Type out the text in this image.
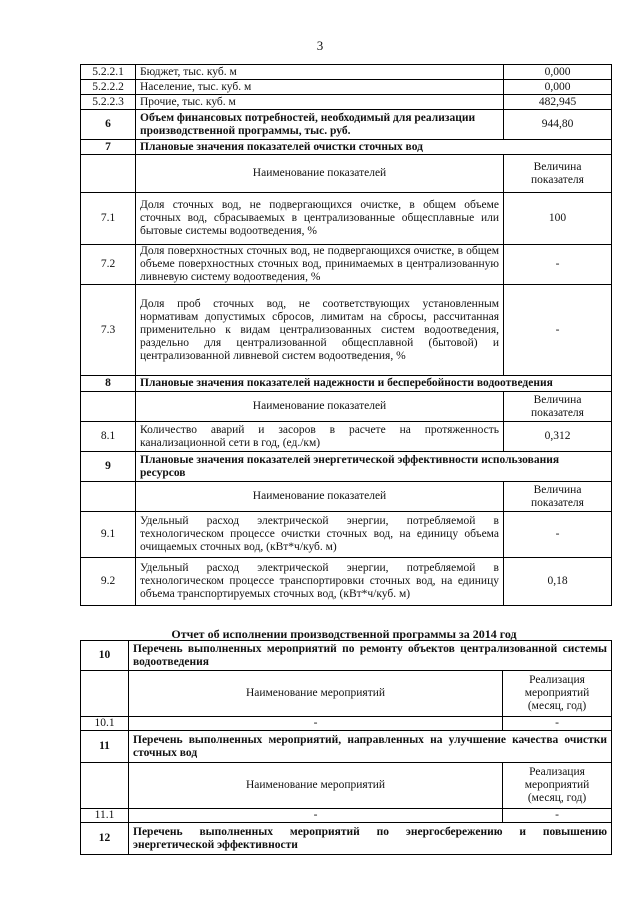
3
5.2.2.1	Бюджет, тыс. куб. м	0,000
5.2.2.2	Население, тыс. куб. м	0,000
5.2.2.3	Прочие, тыс. куб. м	482,945
6	Объем финансовых потребностей, необходимый для реализации производственной программы, тыс. руб.	944,80
7	Плановые значения показателей очистки сточных вод	
	Наименование показателей	Величина показателя
7.1	Доля сточных вод, не подвергающихся очистке, в общем объеме сточных вод, сбрасываемых в централизованные общесплавные или бытовые системы водоотведения, %	100
7.2	Доля поверхностных сточных вод, не подвергающихся очистке, в общем объеме поверхностных сточных вод, принимаемых в централизованную ливневую систему водоотведения, %	-
7.3	Доля проб сточных вод, не соответствующих установленным нормативам допустимых сбросов, лимитам на сбросы, рассчитанная применительно к видам централизованных систем водоотведения, раздельно для централизованной общесплавной (бытовой) и централизованной ливневой систем водоотведения, %	-
8	Плановые значения показателей надежности и бесперебойности водоотведения	
	Наименование показателей	Величина показателя
8.1	Количество аварий и засоров в расчете на протяженность канализационной сети в год, (ед./км)	0,312
9	Плановые значения показателей энергетической эффективности использования ресурсов	
	Наименование показателей	Величина показателя
9.1	Удельный расход электрической энергии, потребляемой в технологическом процессе очистки сточных вод, на единицу объема очищаемых сточных вод, (кВт*ч/куб. м)	-
9.2	Удельный расход электрической энергии, потребляемой в технологическом процессе транспортировки сточных вод, на единицу объема транспортируемых сточных вод, (кВт*ч/куб. м)	0,18
Отчет об исполнении производственной программы за 2014 год
10	Перечень выполненных мероприятий по ремонту объектов централизованной системы водоотведения	
	Наименование мероприятий	Реализация мероприятий (месяц, год)
10.1	-	-
11	Перечень выполненных мероприятий, направленных на улучшение качества очистки сточных вод	
	Наименование мероприятий	Реализация мероприятий (месяц, год)
11.1	-	-
12	Перечень выполненных мероприятий по энергосбережению и повышению энергетической эффективности	
